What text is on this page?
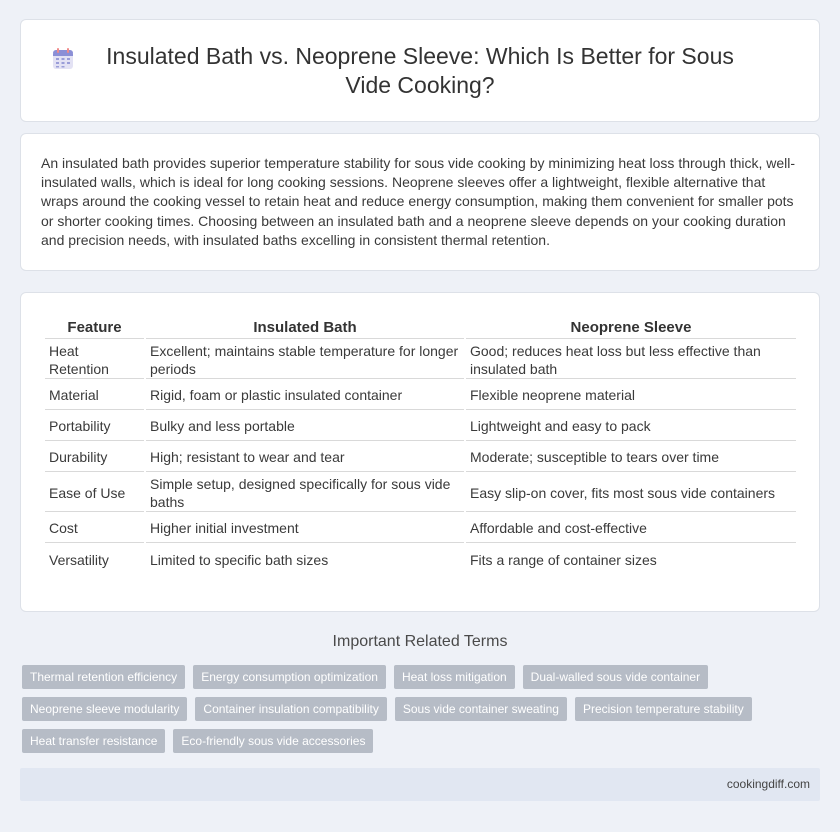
Insulated Bath vs. Neoprene Sleeve: Which Is Better for Sous Vide Cooking?

An insulated bath provides superior temperature stability for sous vide cooking by minimizing heat loss through thick, well-insulated walls, which is ideal for long cooking sessions. Neoprene sleeves offer a lightweight, flexible alternative that wraps around the cooking vessel to retain heat and reduce energy consumption, making them convenient for smaller pots or shorter cooking times. Choosing between an insulated bath and a neoprene sleeve depends on your cooking duration and precision needs, with insulated baths excelling in consistent thermal retention.

Feature	Insulated Bath	Neoprene Sleeve
Heat Retention	Excellent; maintains stable temperature for longer periods	Good; reduces heat loss but less effective than insulated bath
Material	Rigid, foam or plastic insulated container	Flexible neoprene material
Portability	Bulky and less portable	Lightweight and easy to pack
Durability	High; resistant to wear and tear	Moderate; susceptible to tears over time
Ease of Use	Simple setup, designed specifically for sous vide baths	Easy slip-on cover, fits most sous vide containers
Cost	Higher initial investment	Affordable and cost-effective
Versatility	Limited to specific bath sizes	Fits a range of container sizes
Important Related Terms
Thermal retention efficiency	Energy consumption optimization	Heat loss mitigation	Dual-walled sous vide container
Neoprene sleeve modularity	Container insulation compatibility	Sous vide container sweating	Precision temperature stability
Heat transfer resistance	Eco-friendly sous vide accessories
cookingdiff.com
